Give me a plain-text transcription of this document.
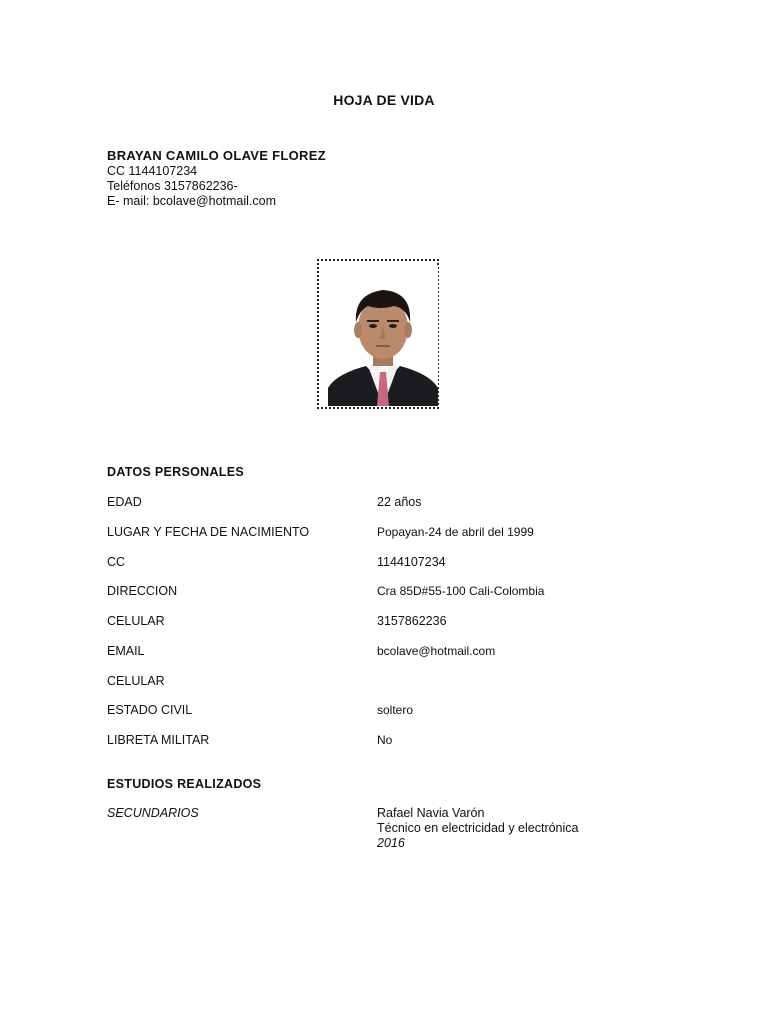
HOJA DE VIDA
BRAYAN CAMILO OLAVE FLOREZ
CC 1144107234
Teléfonos 3157862236-
E- mail: bcolave@hotmail.com
DATOS PERSONALES
EDAD	22 años
LUGAR Y FECHA DE NACIMIENTO	Popayan-24 de abril del 1999
CC	1144107234
DIRECCION	Cra 85D#55-100 Cali-Colombia
CELULAR	3157862236
EMAIL	bcolave@hotmail.com
CELULAR
ESTADO CIVIL	soltero
LIBRETA MILITAR	No
ESTUDIOS REALIZADOS
SECUNDARIOS	Rafael Navia Varón
Técnico en electricidad y electrónica
2016
